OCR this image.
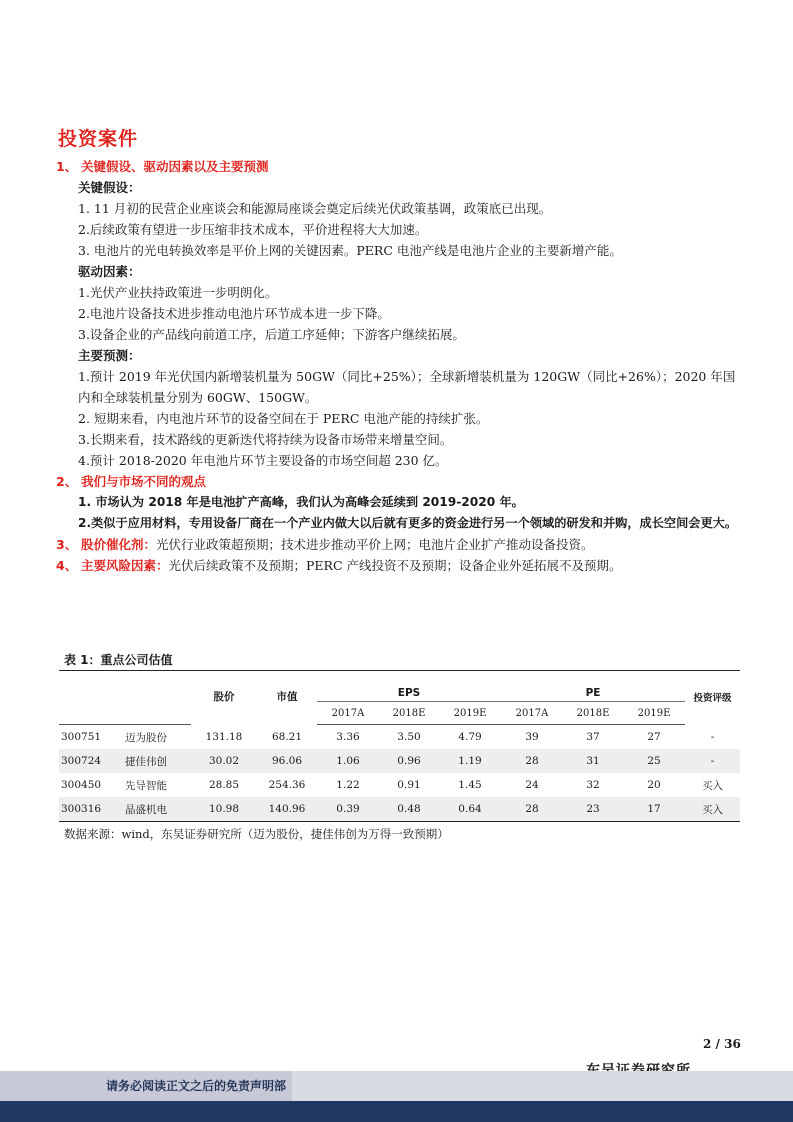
投资案件
1、 关键假设、驱动因素以及主要预测
关键假设：
1. 11 月初的民营企业座谈会和能源局座谈会奠定后续光伏政策基调，政策底已出现。
2.后续政策有望进一步压缩非技术成本，平价进程将大大加速。
3. 电池片的光电转换效率是平价上网的关键因素。PERC 电池产线是电池片企业的主要新增产能。
驱动因素：
1.光伏产业扶持政策进一步明朗化。
2.电池片设备技术进步推动电池片环节成本进一步下降。
3.设备企业的产品线向前道工序，后道工序延伸；下游客户继续拓展。
主要预测：
1.预计 2019 年光伏国内新增装机量为 50GW（同比+25%）；全球新增装机量为 120GW（同比+26%）；2020 年国内和全球装机量分别为 60GW、150GW。
2. 短期来看，内电池片环节的设备空间在于 PERC 电池产能的持续扩张。
3.长期来看，技术路线的更新迭代将持续为设备市场带来增量空间。
4.预计 2018-2020 年电池片环节主要设备的市场空间超 230 亿。
2、 我们与市场不同的观点
1. 市场认为 2018 年是电池扩产高峰，我们认为高峰会延续到 2019-2020 年。
2.类似于应用材料，专用设备厂商在一个产业内做大以后就有更多的资金进行另一个领域的研发和并购，成长空间会更大。
3、 股价催化剂：光伏行业政策超预期；技术进步推动平价上网；电池片企业扩产推动设备投资。
4、 主要风险因素：光伏后续政策不及预期；PERC 产线投资不及预期；设备企业外延拓展不及预期。
表 1：重点公司估值
		股价	市值	EPS			PE			投资评级
				2017A	2018E	2019E	2017A	2018E	2019E	
300751	迈为股份	131.18	68.21	3.36	3.50	4.79	39	37	27	-
300724	捷佳伟创	30.02	96.06	1.06	0.96	1.19	28	31	25	-
300450	先导智能	28.85	254.36	1.22	0.91	1.45	24	32	20	买入
300316	晶盛机电	10.98	140.96	0.39	0.48	0.64	28	23	17	买入
数据来源：wind，东吴证券研究所（迈为股份，捷佳伟创为万得一致预期）
2 / 36
请务必阅读正文之后的免责声明部
